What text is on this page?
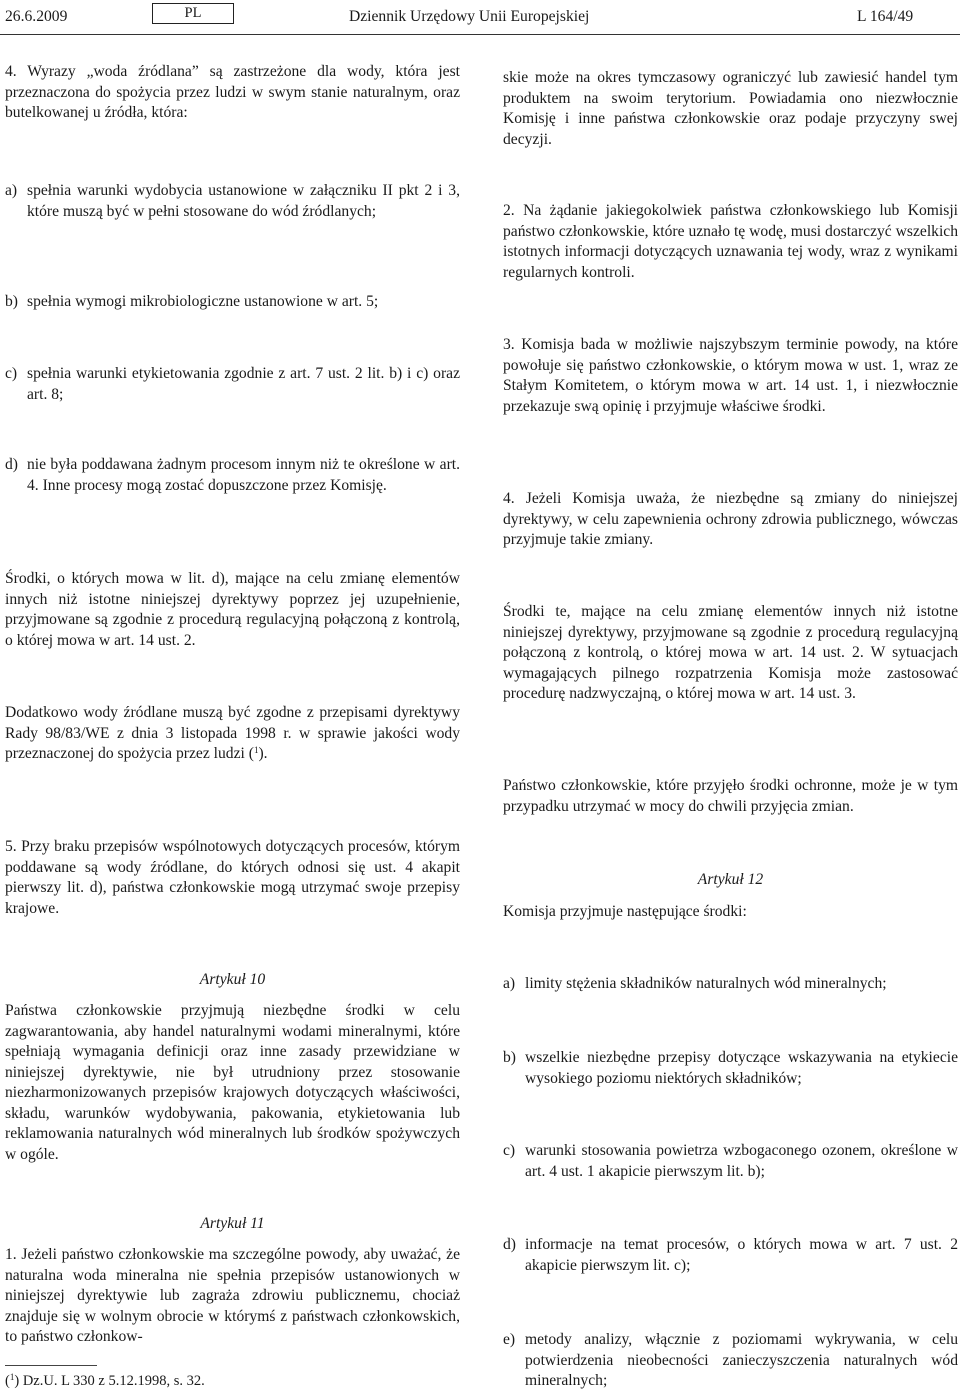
26.6.2009	PL	Dziennik Urzędowy Unii Europejskiej	L 164/49

4. Wyrazy „woda źródlana” są zastrzeżone dla wody, która jest przeznaczona do spożycia przez ludzi w swym stanie naturalnym, oraz butelkowanej u źródła, która:

a) spełnia warunki wydobycia ustanowione w załączniku II pkt 2 i 3, które muszą być w pełni stosowane do wód źródlanych;
b) spełnia wymogi mikrobiologiczne ustanowione w art. 5;
c) spełnia warunki etykietowania zgodnie z art. 7 ust. 2 lit. b) i c) oraz art. 8;
d) nie była poddawana żadnym procesom innym niż te określone w art. 4. Inne procesy mogą zostać dopuszczone przez Komisję.

Środki, o których mowa w lit. d), mające na celu zmianę elementów innych niż istotne niniejszej dyrektywy poprzez jej uzupełnienie, przyjmowane są zgodnie z procedurą regulacyjną połączoną z kontrolą, o której mowa w art. 14 ust. 2.

Dodatkowo wody źródlane muszą być zgodne z przepisami dyrektywy Rady 98/83/WE z dnia 3 listopada 1998 r. w sprawie jakości wody przeznaczonej do spożycia przez ludzi ($^1$).

5. Przy braku przepisów wspólnotowych dotyczących procesów, którym poddawane są wody źródlane, do których odnosi się ust. 4 akapit pierwszy lit. d), państwa członkowskie mogą utrzymać swoje przepisy krajowe.

Artykuł 10

Państwa członkowskie przyjmują niezbędne środki w celu zagwarantowania, aby handel naturalnymi wodami mineralnymi, które spełniają wymagania definicji oraz inne zasady przewidziane w niniejszej dyrektywie, nie był utrudniony przez stosowanie niezharmonizowanych przepisów krajowych dotyczących właściwości, składu, warunków wydobywania, pakowania, etykietowania lub reklamowania naturalnych wód mineralnych lub środków spożywczych w ogóle.

Artykuł 11

1. Jeżeli państwo członkowskie ma szczególne powody, aby uważać, że naturalna woda mineralna nie spełnia przepisów ustanowionych w niniejszej dyrektywie lub zagraża zdrowiu publicznemu, chociaż znajduje się w wolnym obrocie w którymś z państwach członkowskich, to państwo członkow-

skie może na okres tymczasowy ograniczyć lub zawiesić handel tym produktem na swoim terytorium. Powiadamia ono niezwłocznie Komisję i inne państwa członkowskie oraz podaje przyczyny swej decyzji.

2. Na żądanie jakiegokolwiek państwa członkowskiego lub Komisji państwo członkowskie, które uznało tę wodę, musi dostarczyć wszelkich istotnych informacji dotyczących uznawania tej wody, wraz z wynikami regularnych kontroli.

3. Komisja bada w możliwie najszybszym terminie powody, na które powołuje się państwo członkowskie, o którym mowa w ust. 1, wraz ze Stałym Komitetem, o którym mowa w art. 14 ust. 1, i niezwłocznie przekazuje swą opinię i przyjmuje właściwe środki.

4. Jeżeli Komisja uważa, że niezbędne są zmiany do niniejszej dyrektywy, w celu zapewnienia ochrony zdrowia publicznego, wówczas przyjmuje takie zmiany.

Środki te, mające na celu zmianę elementów innych niż istotne niniejszej dyrektywy, przyjmowane są zgodnie z procedurą regulacyjną połączoną z kontrolą, o której mowa w art. 14 ust. 2. W sytuacjach wymagających pilnego rozpatrzenia Komisja może zastosować procedurę nadzwyczajną, o której mowa w art. 14 ust. 3.

Państwo członkowskie, które przyjęło środki ochronne, może je w tym przypadku utrzymać w mocy do chwili przyjęcia zmian.

Artykuł 12

Komisja przyjmuje następujące środki:

a) limity stężenia składników naturalnych wód mineralnych;
b) wszelkie niezbędne przepisy dotyczące wskazywania na etykiecie wysokiego poziomu niektórych składników;
c) warunki stosowania powietrza wzbogaconego ozonem, określone w art. 4 ust. 1 akapicie pierwszym lit. b);
d) informacje na temat procesów, o których mowa w art. 7 ust. 2 akapicie pierwszym lit. c);
e) metody analizy, włącznie z poziomami wykrywania, w celu potwierdzenia nieobecności zanieczyszczenia naturalnych wód mineralnych;
($^1$) Dz.U. L 330 z 5.12.1998, s. 32.
